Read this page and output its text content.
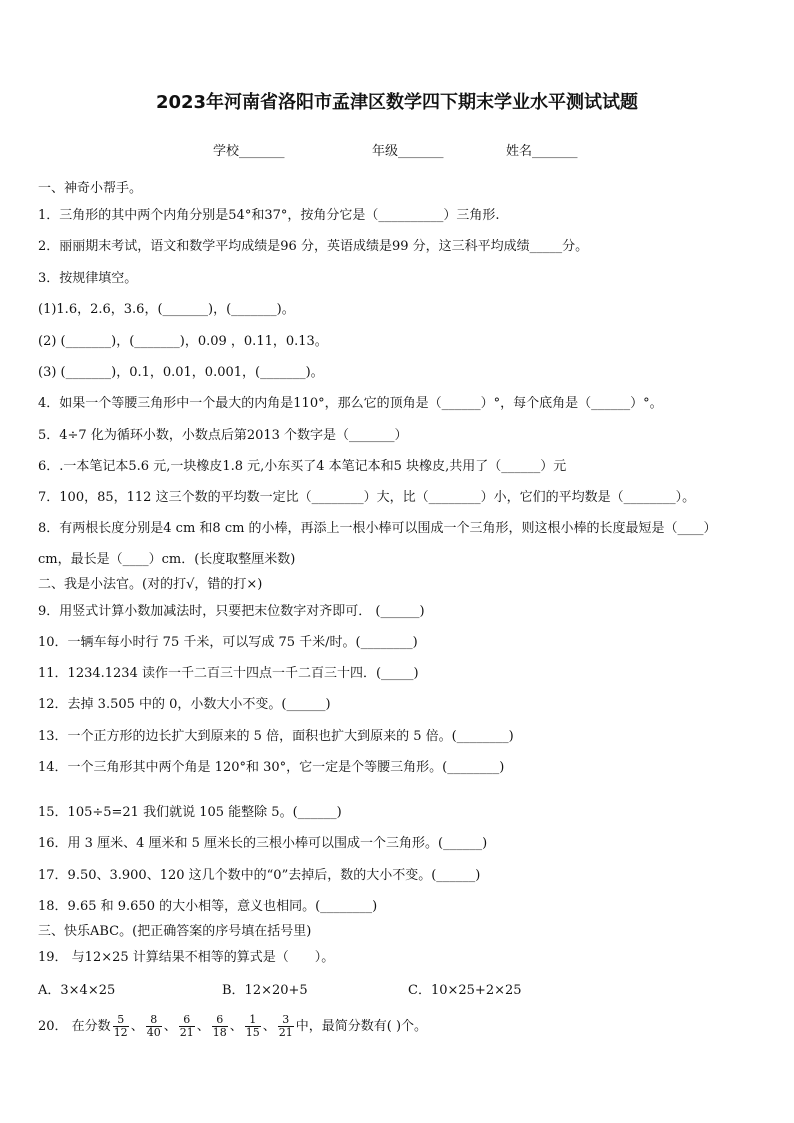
2023年河南省洛阳市孟津区数学四下期末学业水平测试试题
学校_______	年级_______	姓名_______
一、神奇小帮手。
1．三角形的其中两个内角分别是54°和37°，按角分它是（__________）三角形.
2．丽丽期末考试，语文和数学平均成绩是96 分，英语成绩是99 分，这三科平均成绩_____分。
3．按规律填空。
(1)1.6，2.6，3.6，(_______)，(_______)。
(2) (_______)，(_______)，0.09 ，0.11，0.13。
(3) (_______)，0.1，0.01，0.001，(_______)。
4．如果一个等腰三角形中一个最大的内角是110°，那么它的顶角是（______）°，每个底角是（______）°。
5．4÷7 化为循环小数，小数点后第2013 个数字是（_______）
6．.一本笔记本5.6 元,一块橡皮1.8 元,小东买了4 本笔记本和5 块橡皮,共用了（______）元
7．100，85，112 这三个数的平均数一定比（________）大，比（________）小，它们的平均数是（________）。
8．有两根长度分别是4 cm 和8 cm 的小棒，再添上一根小棒可以围成一个三角形，则这根小棒的长度最短是（____）
cm，最长是（____）cm．(长度取整厘米数)
二、我是小法官。(对的打√，错的打×)
9．用竖式计算小数加减法时，只要把末位数字对齐即可． (______)
10．一辆车每小时行 75 千米，可以写成 75 千米/时。(________)
11．1234.1234 读作一千二百三十四点一千二百三十四．(_____)
12．去掉 3.505 中的 0，小数大小不变。(______)
13．一个正方形的边长扩大到原来的 5 倍，面积也扩大到原来的 5 倍。(________)
14．一个三角形其中两个角是 120°和 30°，它一定是个等腰三角形。(________)
15．105÷5=21 我们就说 105 能整除 5。(______)
16．用 3 厘米、4 厘米和 5 厘米长的三根小棒可以围成一个三角形。(______)
17．9.50、3.900、120 这几个数中的“0”去掉后，数的大小不变。(______)
18．9.65 和 9.650 的大小相等，意义也相同。(________)
三、快乐ABC。(把正确答案的序号填在括号里)
19． 与12×25 计算结果不相等的算式是（　　）。
A．3×4×25	B．12×20+5	C．10×25+2×25
20． 在分数 $\frac{5}{12}$ 、 $\frac{8}{40}$ 、 $\frac{6}{21}$ 、 $\frac{6}{18}$ 、 $\frac{1}{15}$ 、 $\frac{3}{21}$ 中，最简分数有( )个。
